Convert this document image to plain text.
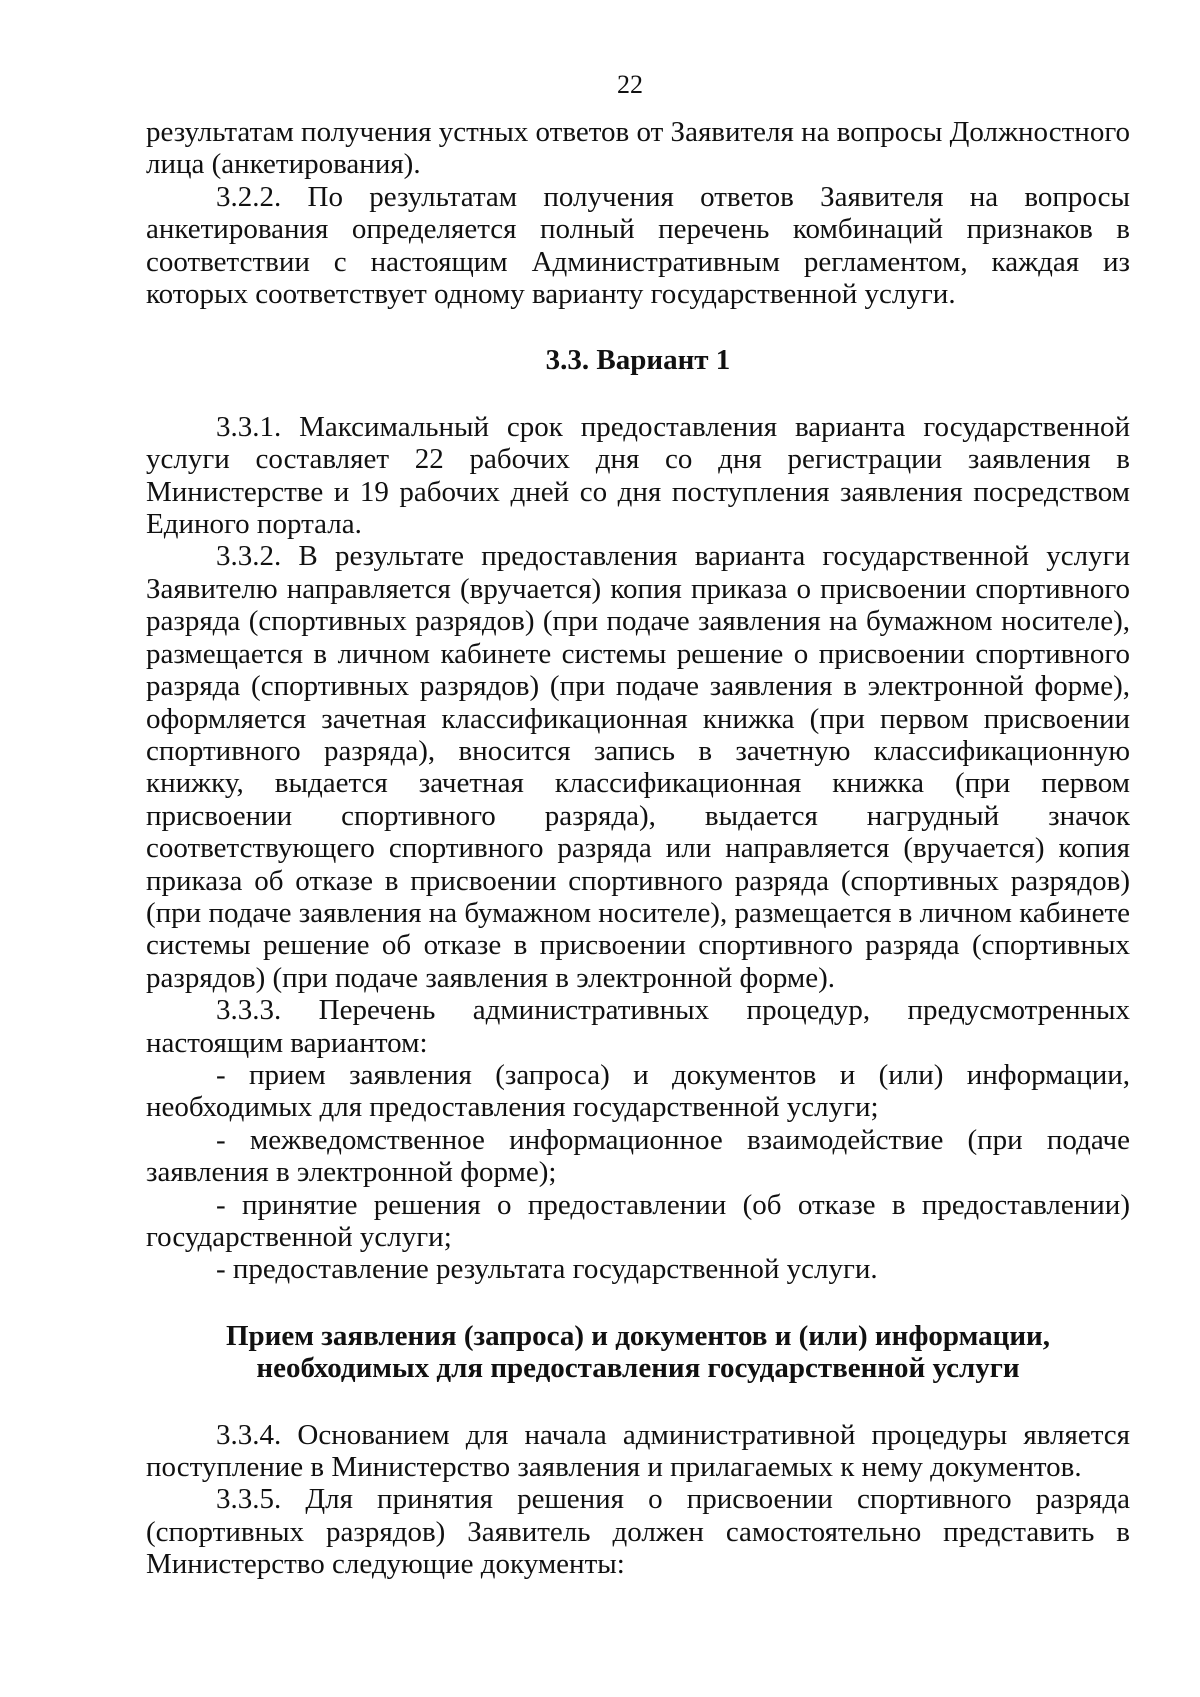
22

результатам получения устных ответов от Заявителя на вопросы Должностного лица (анкетирования).

3.2.2. По результатам получения ответов Заявителя на вопросы анкетирования определяется полный перечень комбинаций признаков в соответствии с настоящим Административным регламентом, каждая из которых соответствует одному варианту государственной услуги.

3.3. Вариант 1

3.3.1. Максимальный срок предоставления варианта государственной услуги составляет 22 рабочих дня со дня регистрации заявления в Министерстве и 19 рабочих дней со дня поступления заявления посредством Единого портала.

3.3.2. В результате предоставления варианта государственной услуги Заявителю направляется (вручается) копия приказа о присвоении спортивного разряда (спортивных разрядов) (при подаче заявления на бумажном носителе), размещается в личном кабинете системы решение о присвоении спортивного разряда (спортивных разрядов) (при подаче заявления в электронной форме), оформляется зачетная классификационная книжка (при первом присвоении спортивного разряда), вносится запись в зачетную классификационную книжку, выдается зачетная классификационная книжка (при первом присвоении спортивного разряда), выдается нагрудный значок соответствующего спортивного разряда или направляется (вручается) копия приказа об отказе в присвоении спортивного разряда (спортивных разрядов) (при подаче заявления на бумажном носителе), размещается в личном кабинете системы решение об отказе в присвоении спортивного разряда (спортивных разрядов) (при подаче заявления в электронной форме).

3.3.3. Перечень административных процедур, предусмотренных настоящим вариантом:

- прием заявления (запроса) и документов и (или) информации, необходимых для предоставления государственной услуги;

- межведомственное информационное взаимодействие (при подаче заявления в электронной форме);

- принятие решения о предоставлении (об отказе в предоставлении) государственной услуги;

- предоставление результата государственной услуги.

Прием заявления (запроса) и документов и (или) информации,
необходимых для предоставления государственной услуги

3.3.4. Основанием для начала административной процедуры является поступление в Министерство заявления и прилагаемых к нему документов.

3.3.5. Для принятия решения о присвоении спортивного разряда (спортивных разрядов) Заявитель должен самостоятельно представить в Министерство следующие документы:
